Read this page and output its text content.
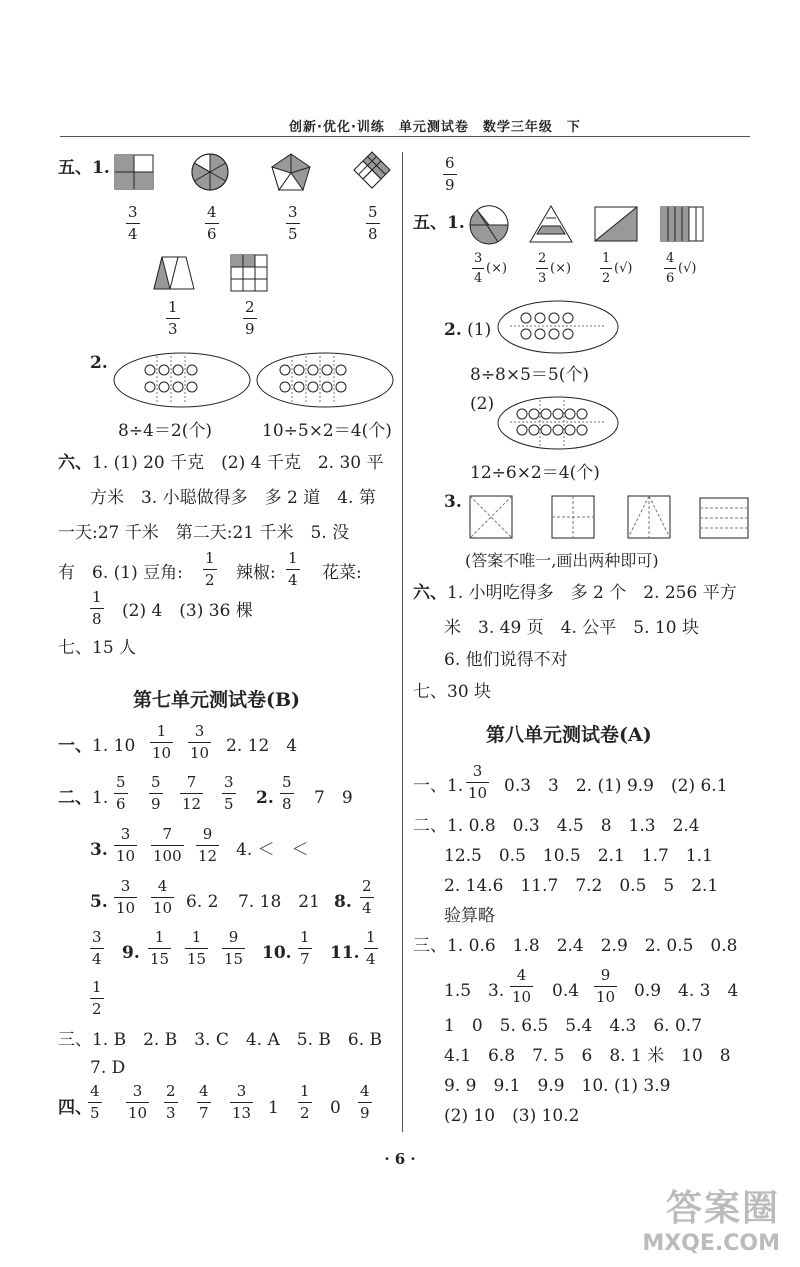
创新·优化·训练　单元测试卷　数学三年级　下
五、1.
3
4
4
6
3
5
5
8
1
3
2
9
2.
8÷4＝2(个)	10÷5×2＝4(个)
六、1. (1) 20 千克　(2) 4 千克　2. 30 平
方米　3. 小聪做得多　多 2 道　4. 第
一天:27 千米　第二天:21 千米　5. 没
有　6. (1) 豆角:
1
2 辣椒:
1
4 花菜:
1
8 (2) 4　(3) 36 棵
七、15 人
第七单元测试卷(B)
一、1. 10
1
10
3
10 2. 12　4
二、1.
5
6
5
9
7
12
3
5 2.
5
8 7　9
3.
3
10
7
100
9
12 4. ＜　＜
5.
3
10
4
10 6. 2 7. 18　21 8.
2
4
3
4 9.
1
15
1
15
9
15 10.
1
7 11.
1
4
1
2
三、1. B　2. B　3. C　4. A　5. B　6. B
7. D
四、
4
5
3
10
2
3
4
7
3
13 1
1
2 0
4
9
6
9
五、1.
3
4
(×)
2
3
(×)
1
2
(√)
4
6
(√)
2. (1)
8÷8×5＝5(个)
(2)
12÷6×2＝4(个)
3.
(答案不唯一,画出两种即可)
六、1. 小明吃得多　多 2 个　2. 256 平方
米　3. 49 页　4. 公平　5. 10 块
6. 他们说得不对
七、30 块
第八单元测试卷(A)
一、1.
3
10 0.3　3　2. (1) 9.9　(2) 6.1
二、1. 0.8　0.3　4.5　8　1.3　2.4
12.5　0.5　10.5　2.1　1.7　1.1
2. 14.6　11.7　7.2　0.5　5　2.1
验算略
三、1. 0.6　1.8　2.4　2.9　2. 0.5　0.8
1.5　3.
4
10 0.4
9
10 0.9　4. 3　4
1　0　5. 6.5　5.4　4.3　6. 0.7
4.1　6.8　7. 5　6　8. 1 米　10　8
9. 9　9.1　9.9　10. (1) 3.9
(2) 10　(3) 10.2
· 6 ·
答案圈
MXQE.COM
